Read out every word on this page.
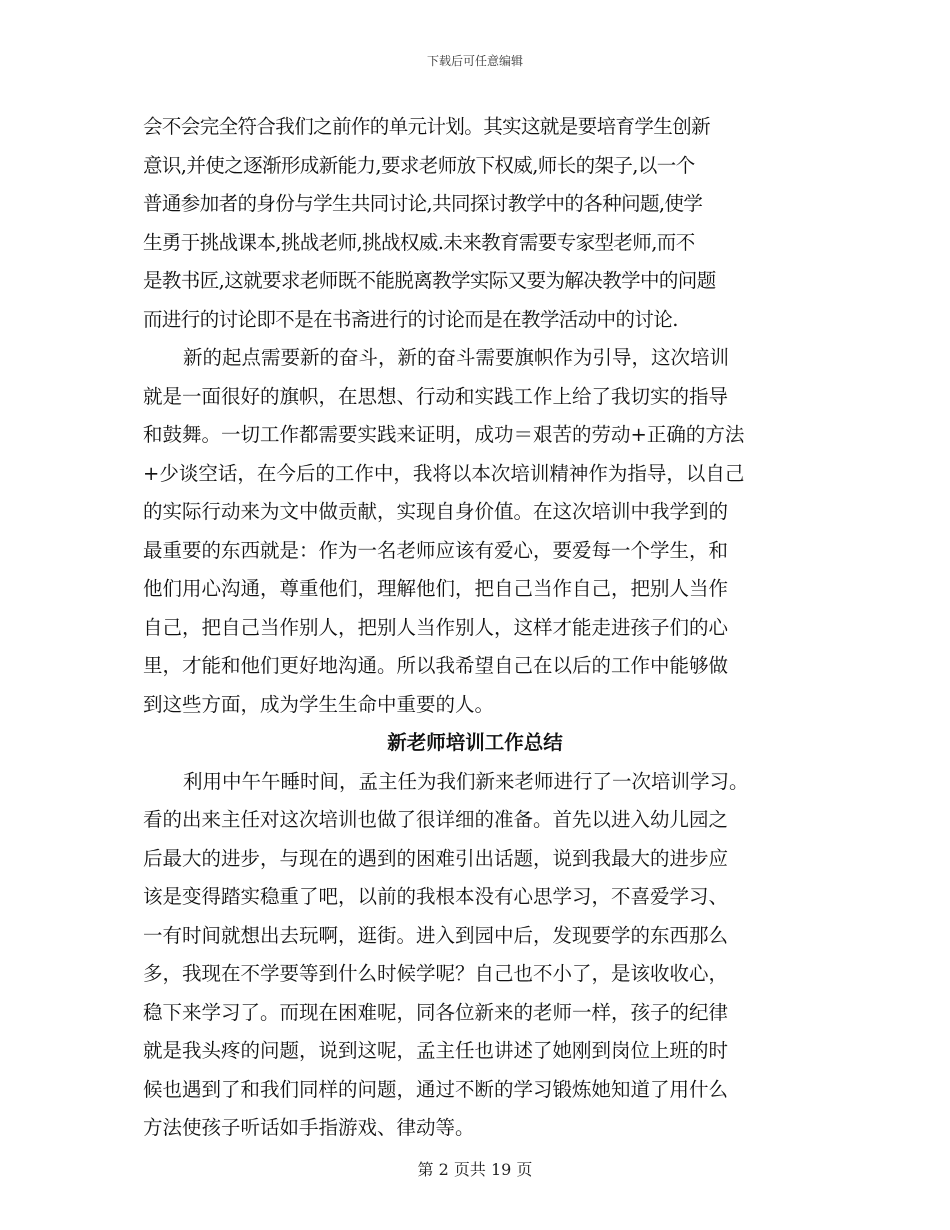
下载后可任意编辑
会不会完全符合我们之前作的单元计划。其实这就是要培育学生创新
意识,并使之逐渐形成新能力,要求老师放下权威,师长的架子,以一个
普通参加者的身份与学生共同讨论,共同探讨教学中的各种问题,使学
生勇于挑战课本,挑战老师,挑战权威.未来教育需要专家型老师,而不
是教书匠,这就要求老师既不能脱离教学实际又要为解决教学中的问题
而进行的讨论即不是在书斋进行的讨论而是在教学活动中的讨论.
新的起点需要新的奋斗，新的奋斗需要旗帜作为引导，这次培训
就是一面很好的旗帜，在思想、行动和实践工作上给了我切实的指导
和鼓舞。一切工作都需要实践来证明，成功＝艰苦的劳动+正确的方法
+少谈空话，在今后的工作中，我将以本次培训精神作为指导，以自己
的实际行动来为文中做贡献，实现自身价值。在这次培训中我学到的
最重要的东西就是：作为一名老师应该有爱心，要爱每一个学生，和
他们用心沟通，尊重他们，理解他们，把自己当作自己，把别人当作
自己，把自己当作别人，把别人当作别人，这样才能走进孩子们的心
里，才能和他们更好地沟通。所以我希望自己在以后的工作中能够做
到这些方面，成为学生生命中重要的人。
新老师培训工作总结
利用中午午睡时间，孟主任为我们新来老师进行了一次培训学习。
看的出来主任对这次培训也做了很详细的准备。首先以进入幼儿园之
后最大的进步，与现在的遇到的困难引出话题，说到我最大的进步应
该是变得踏实稳重了吧，以前的我根本没有心思学习，不喜爱学习、
一有时间就想出去玩啊，逛街。进入到园中后，发现要学的东西那么
多，我现在不学要等到什么时候学呢？自己也不小了，是该收收心，
稳下来学习了。而现在困难呢，同各位新来的老师一样，孩子的纪律
就是我头疼的问题，说到这呢，孟主任也讲述了她刚到岗位上班的时
候也遇到了和我们同样的问题，通过不断的学习锻炼她知道了用什么
方法使孩子听话如手指游戏、律动等。
第 2 页共 19 页
